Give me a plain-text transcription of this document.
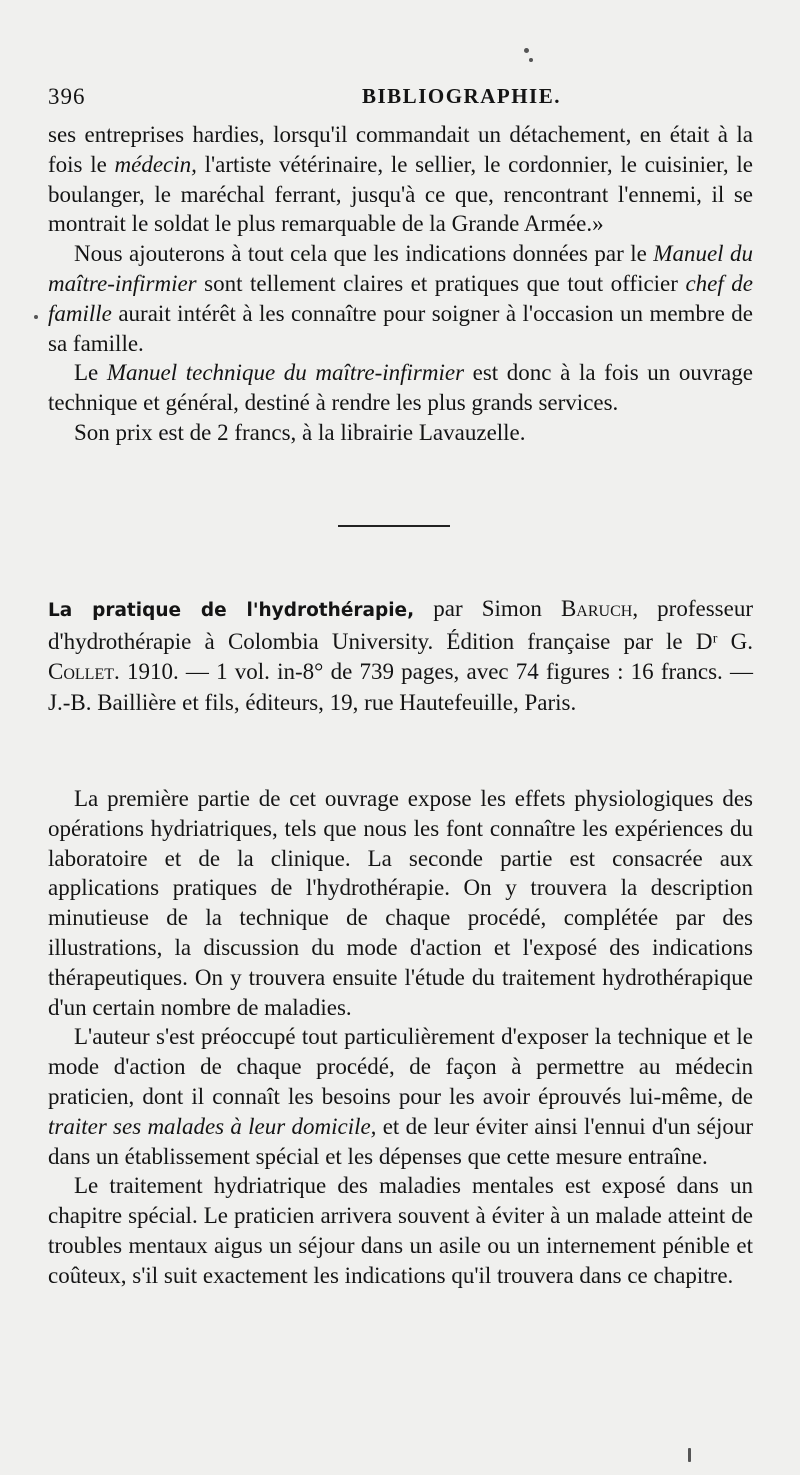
396	BIBLIOGRAPHIE.

ses entreprises hardies, lorsqu'il commandait un détachement, en était à la fois le médecin, l'artiste vétérinaire, le sellier, le cordonnier, le cuisinier, le boulanger, le maréchal ferrant, jusqu'à ce que, rencontrant l'ennemi, il se montrait le soldat le plus remarquable de la Grande Armée.»

Nous ajouterons à tout cela que les indications données par le Manuel du maître-infirmier sont tellement claires et pratiques que tout officier chef de famille aurait intérêt à les connaître pour soigner à l'occasion un membre de sa famille.

Le Manuel technique du maître-infirmier est donc à la fois un ouvrage technique et général, destiné à rendre les plus grands services.

Son prix est de 2 francs, à la librairie Lavauzelle.

La pratique de l'hydrothérapie, par Simon Baruch, professeur d'hydrothérapie à Colombia University. Édition française par le Dʳ G. Collet. 1910. — 1 vol. in-8° de 739 pages, avec 74 figures : 16 francs. — J.-B. Baillière et fils, éditeurs, 19, rue Hautefeuille, Paris.

La première partie de cet ouvrage expose les effets physiologiques des opérations hydriatriques, tels que nous les font connaître les expériences du laboratoire et de la clinique. La seconde partie est consacrée aux applications pratiques de l'hydrothérapie. On y trouvera la description minutieuse de la technique de chaque procédé, complétée par des illustrations, la discussion du mode d'action et l'exposé des indications thérapeutiques. On y trouvera ensuite l'étude du traitement hydrothérapique d'un certain nombre de maladies.

L'auteur s'est préoccupé tout particulièrement d'exposer la technique et le mode d'action de chaque procédé, de façon à permettre au médecin praticien, dont il connaît les besoins pour les avoir éprouvés lui-même, de traiter ses malades à leur domicile, et de leur éviter ainsi l'ennui d'un séjour dans un établissement spécial et les dépenses que cette mesure entraîne.

Le traitement hydriatrique des maladies mentales est exposé dans un chapitre spécial. Le praticien arrivera souvent à éviter à un malade atteint de troubles mentaux aigus un séjour dans un asile ou un internement pénible et coûteux, s'il suit exactement les indications qu'il trouvera dans ce chapitre.
